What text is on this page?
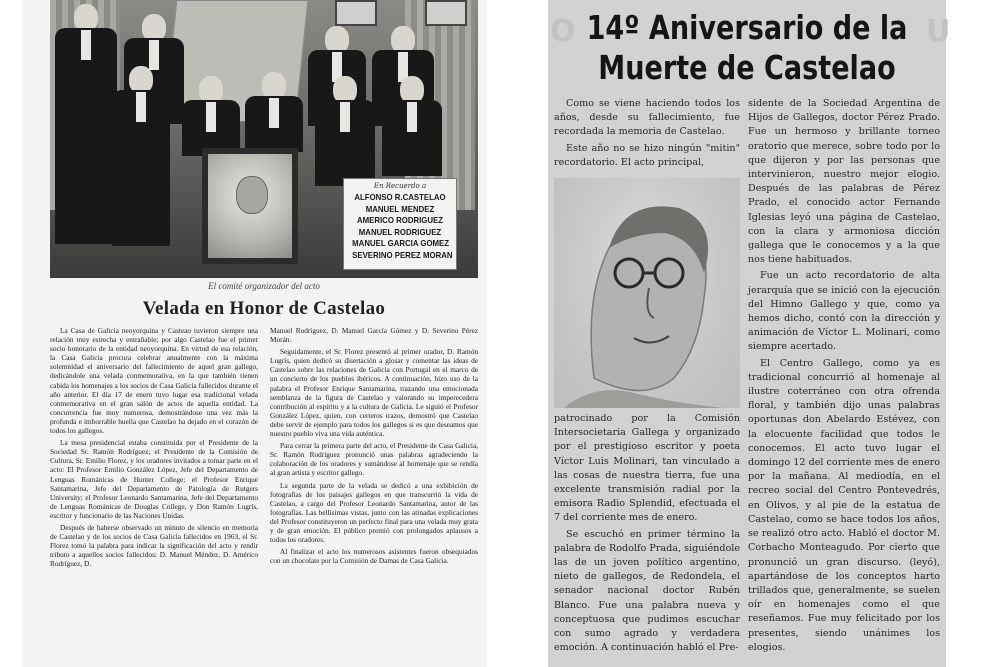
En Recuerdo a
ALFONSO R.CASTELAO
MANUEL MENDEZ
AMERICO RODRIGUEZ
MANUEL RODRIGUEZ
MANUEL GARCIA GOMEZ
SEVERINO PEREZ MORAN
El comité organizador del acto
Velada en Honor de Castelao

La Casa de Galicia neoyorquina y Casteao tuvieron siempre una relación muy estrecha y entrañable; por algo Castelao fue el primer socio honorario de la entidad neoyorquina. En virtud de esa relación, la Casa Galicia procura celebrar anualmente con la máxima solemnidad el aniversario del fallecimiento de aquel gran gallego, dedicándole una velada conmemorativa, en la que también tienen cabida los homenajes a los socios de Casa Galicia fallecidos durante el año anterior. El día 17 de enero tuvo lugar esa tradicional velada conmemorativa en el gran salón de actos de aquella entidad. La concurrencia fue muy numerosa, demostrándose una vez más la profunda e imborrable huella que Castelao ha dejado en el corazón de todos los gallegos.

La mesa presidencial estaba constituida por el Presidente de la Sociedad Sr. Ramón Rodríguez; el Presidente de la Comisión de Cultura, Sr. Emilio Florez, y los oradores invitados a tomar parte en el acto: El Profesor Emilio González López, Jefe del Departamento de Lenguas Románicas de Hunter College; el Profesor Enrique Santamarina, Jefe del Departamento de Patología de Rutgers University; el Profesor Leonardo Santamarina, Jefe del Departamento de Lenguas Románicas de Douglas College, y Don Ramón Lugrís, escritor y funcionario de las Naciones Unidas.

Después de haberse observado un minuto de silencio en memoria de Castelao y de los socios de Casa Galicia fallecidos en 1963, el Sr. Florez tomó la palabra para indicar la significación del acto y rendir tributo a aquellos socios fallecidos: D. Manuel Méndez, D. Américo Rodríguez, D.

Manuel Rodríguez, D. Manuel García Gómez y D. Severino Pérez Morán.

Seguidamente, el Sr. Florez presentó al primer orador, D. Ramón Lugrís, quien dedicó su disertación a glosar y comentar las ideas de Castelao sobre las relaciones de Galicia con Portugal en el marco de un concierto de los pueblos ibéricos. A continuación, hizo uso de la palabra el Profesor Enrique Santamarina, trazando una emocionada semblanza de la figura de Castelao y valorando su imperecedera contribución al espíritu y a la cultura de Galicia. Le siguió el Profesor González López, quien, con certeros trazos, demostró que Castelao debe servir de ejemplo para todos los gallegos si es que deseamos que nuestro pueblo viva una vida auténtica.

Para cerrar la primera parte del acto, el Presidente de Casa Galicia, Sr. Ramón Rodríguez pronunció unas palabras agradeciendo la colaboración de los oradores y sumándose al homenaje que se rendía al gran artista y escritor gallego.

La segunda parte de la velada se dedicó a una exhibición de fotografías de los paisajes gallegos en que transcurrió la vida de Castelao, a cargo del Profesor Leonardo Santamarina, autor de las fotografías. Las bellísimas vistas, junto con las atinadas explicaciones del Profesor constituyeron un perfecto final para una velada muy grata y de gran emoción. El público premió con prolongados aplausos a todos los oradores.

Al finalizar el acto los numerosos asistentes fueron obsequiados con un chocolate por la Comisión de Damas de Casa Galicia.

O	U
14º Aniversario de la
Muerte de Castelao

Como se viene haciendo todos los años, desde su fallecimiento, fue recordada la memoria de Castelao.

Este año no se hizo ningún "mitin" recordatorio. El acto principal,

patrocinado por la Comisión Intersocietaria Gallega y organizado por el prestigioso escritor y poeta Víctor Luis Molinari, tan vinculado a las cosas de nuestra tierra, fue una excelente transmisión radial por la emisora Radio Splendid, efectuada el 7 del corriente mes de enero.

Se escuchó en primer término la palabra de Rodolfo Prada, siguiéndole las de un joven político argentino, nieto de gallegos, de Redondela, el senador nacional doctor Rubén Blanco. Fue una palabra nueva y conceptuosa que pudimos escuchar con sumo agrado y verdadera emoción. A continuación habló el Pre-

sidente de la Sociedad Argentina de Hijos de Gallegos, doctor Pérez Prado. Fue un hermoso y brillante torneo oratorio que merece, sobre todo por lo que dijeron y por las personas que intervinieron, nuestro mejor elogio. Después de las palabras de Pérez Prado, el conocido actor Fernando Iglesias leyó una página de Castelao, con la clara y armoniosa dicción gallega que le conocemos y a la que nos tiene habituados.

Fue un acto recordatorio de alta jerarquía que se inició con la ejecución del Himno Gallego y que, como ya hemos dicho, contó con la dirección y animación de Víctor L. Molinari, como siempre acertado.

El Centro Gallego, como ya es tradicional concurrió al homenaje al ilustre coterráneo con otra ofrenda floral, y también dijo unas palabras oportunas don Abelardo Estévez, con la elocuente facilidad que todos le conocemos. El acto tuvo lugar el domingo 12 del corriente mes de enero por la mañana. Al mediodía, en el recreo social del Centro Pontevedrés, en Olivos, y al pie de la estatua de Castelao, como se hace todos los años, se realizó otro acto. Habló el doctor M. Corbacho Monteagudo. Por cierto que pronunció un gran discurso. (leyó), apartándose de los conceptos harto trillados que, generalmente, se suelen oír en homenajes como el que reseñamos. Fue muy felicitado por los presentes, siendo unánimes los elogios.
